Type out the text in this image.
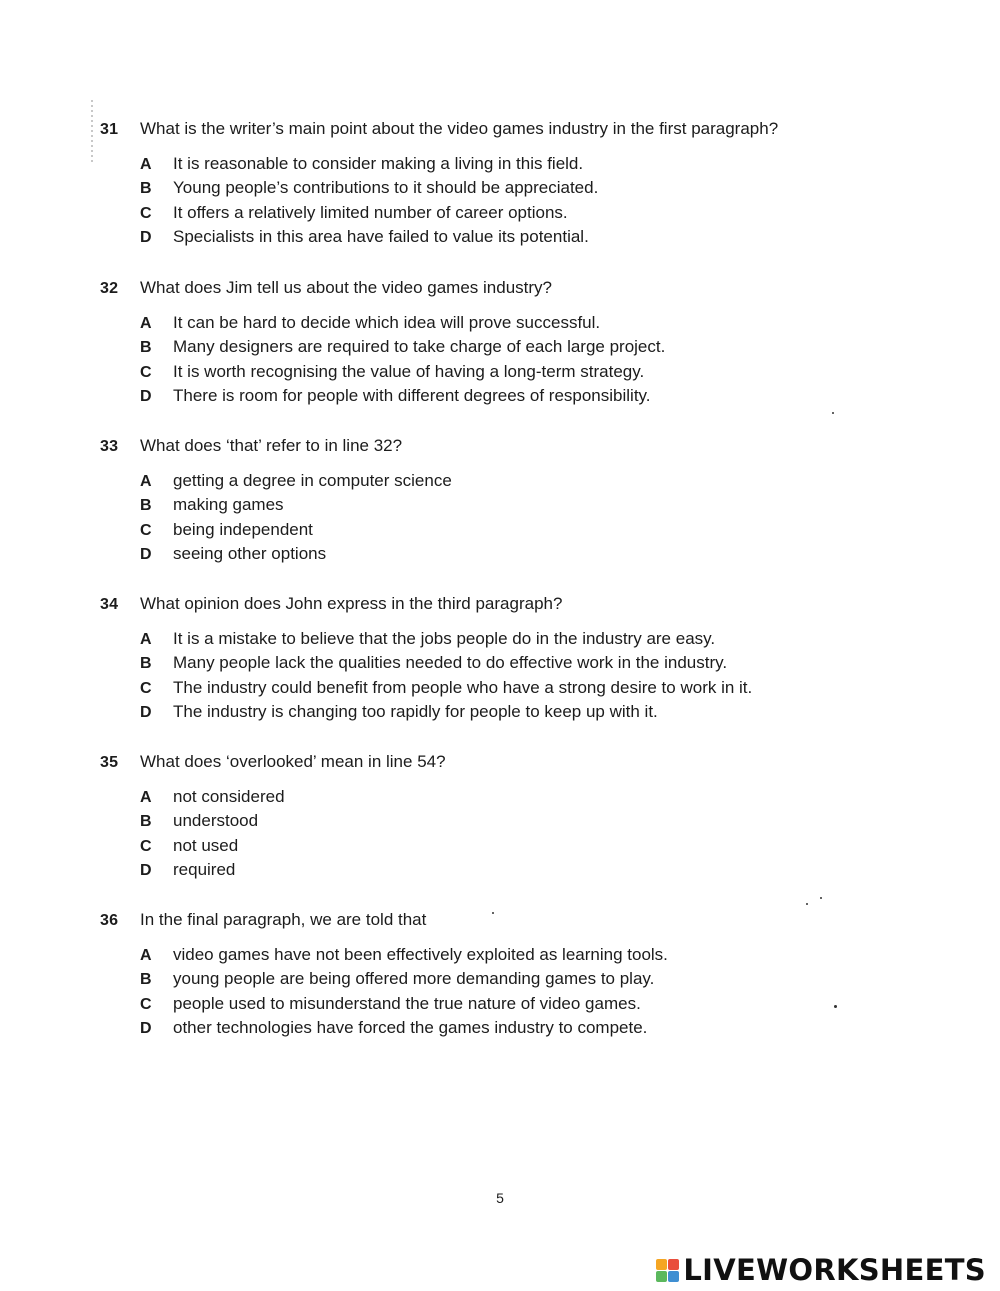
31	What is the writer’s main point about the video games industry in the first paragraph?
A	It is reasonable to consider making a living in this field.
B	Young people’s contributions to it should be appreciated.
C	It offers a relatively limited number of career options.
D	Specialists in this area have failed to value its potential.
32	What does Jim tell us about the video games industry?
A	It can be hard to decide which idea will prove successful.
B	Many designers are required to take charge of each large project.
C	It is worth recognising the value of having a long-term strategy.
D	There is room for people with different degrees of responsibility.
33	What does ‘that’ refer to in line 32?
A	getting a degree in computer science
B	making games
C	being independent
D	seeing other options
34	What opinion does John express in the third paragraph?
A	It is a mistake to believe that the jobs people do in the industry are easy.
B	Many people lack the qualities needed to do effective work in the industry.
C	The industry could benefit from people who have a strong desire to work in it.
D	The industry is changing too rapidly for people to keep up with it.
35	What does ‘overlooked’ mean in line 54?
A	not considered
B	understood
C	not used
D	required
36	In the final paragraph, we are told that
A	video games have not been effectively exploited as learning tools.
B	young people are being offered more demanding games to play.
C	people used to misunderstand the true nature of video games.
D	other technologies have forced the games industry to compete.
5
LIVEWORKSHEETS
